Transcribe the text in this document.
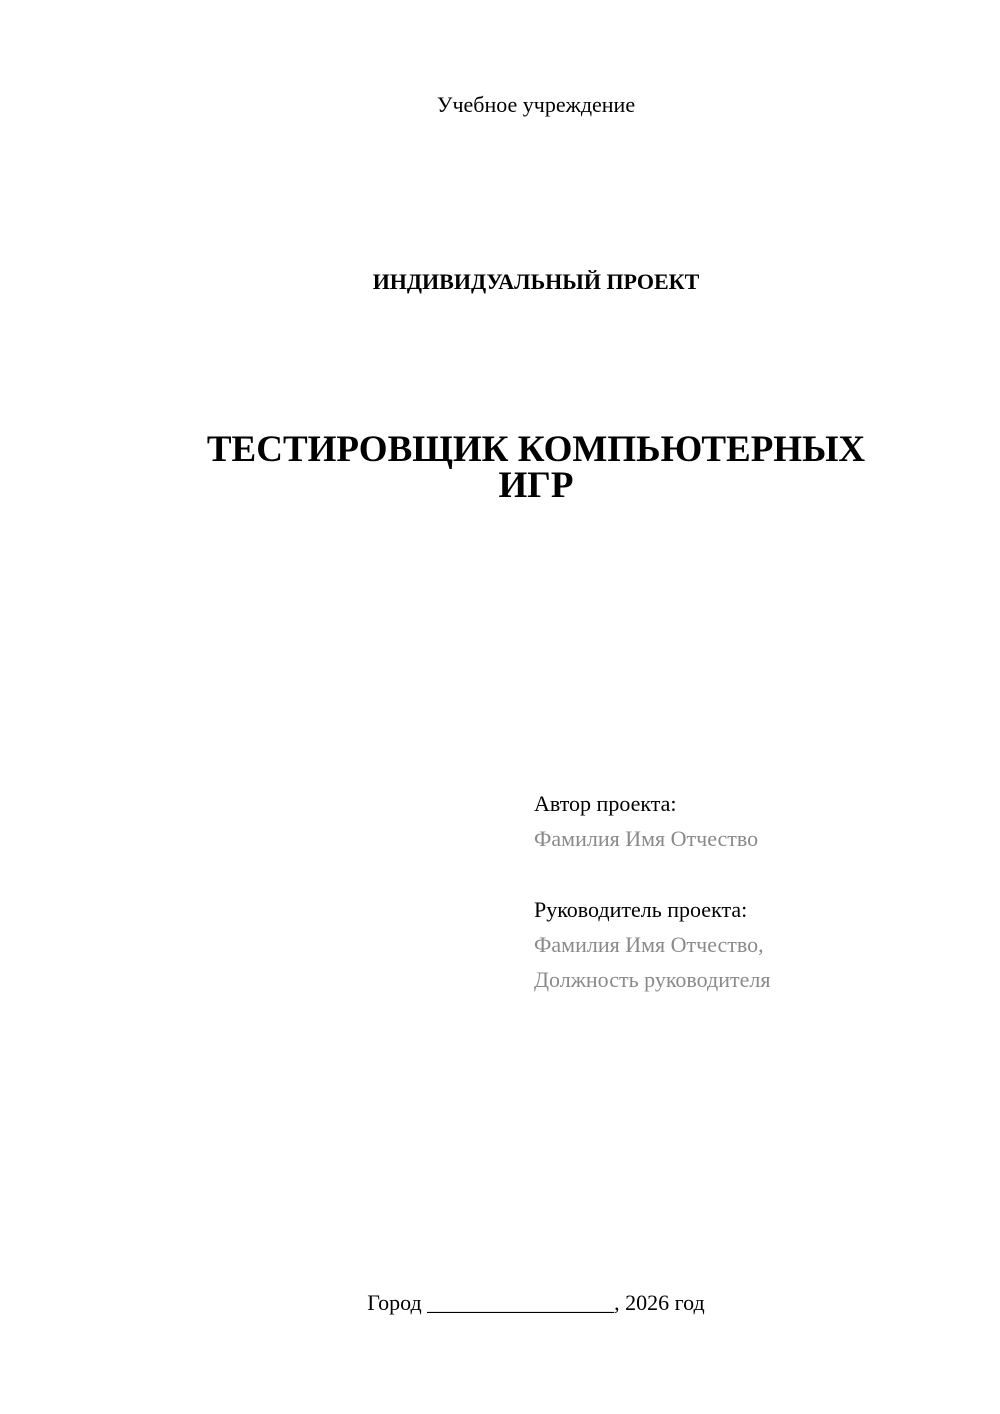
Учебное учреждение
ИНДИВИДУАЛЬНЫЙ ПРОЕКТ
ТЕСТИРОВЩИК КОМПЬЮТЕРНЫХ
ИГР
Автор проекта:
Фамилия Имя Отчество
Руководитель проекта:
Фамилия Имя Отчество,
Должность руководителя
Город _________________, 2026 год
